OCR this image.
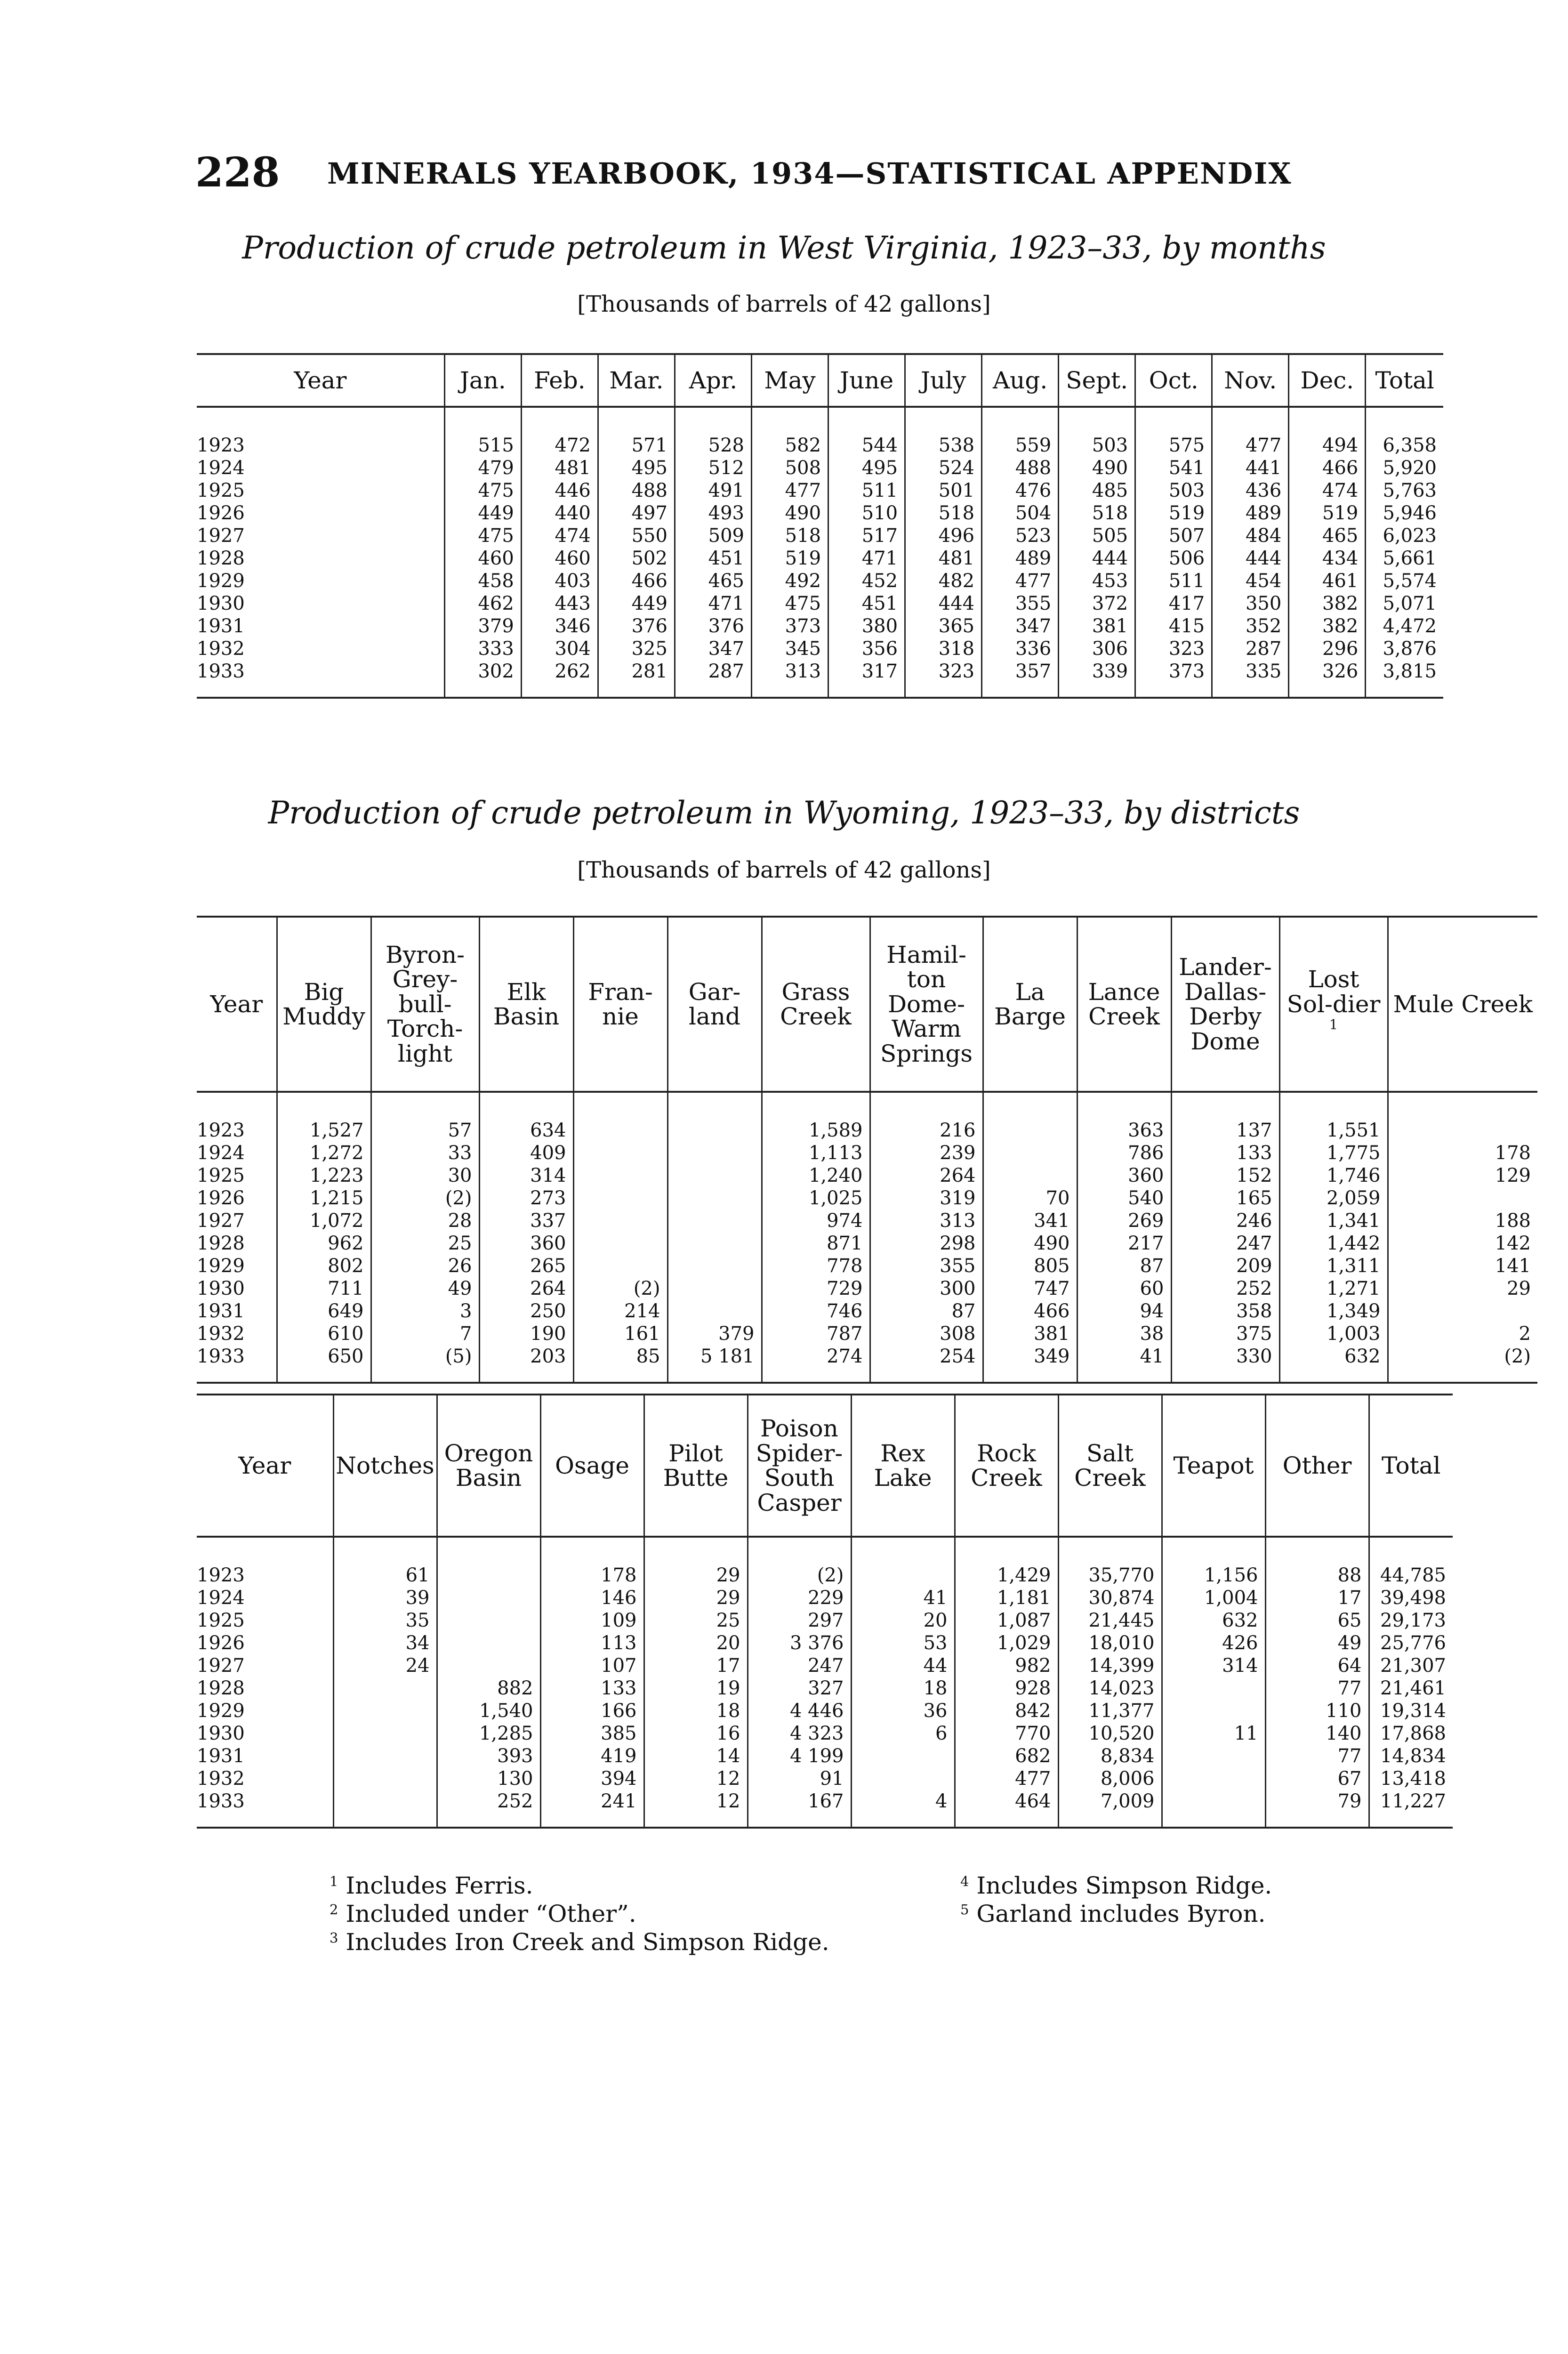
228 MINERALS YEARBOOK, 1934—STATISTICAL APPENDIX
Production of crude petroleum in West Virginia, 1923–33, by months
[Thousands of barrels of 42 gallons]
Year	Jan.	Feb.	Mar.	Apr.	May	June	July	Aug.	Sept.	Oct.	Nov.	Dec.	Total

1923	515	472	571	528	582	544	538	559	503	575	477	494	6,358
1924	479	481	495	512	508	495	524	488	490	541	441	466	5,920
1925	475	446	488	491	477	511	501	476	485	503	436	474	5,763
1926	449	440	497	493	490	510	518	504	518	519	489	519	5,946
1927	475	474	550	509	518	517	496	523	505	507	484	465	6,023
1928	460	460	502	451	519	471	481	489	444	506	444	434	5,661
1929	458	403	466	465	492	452	482	477	453	511	454	461	5,574
1930	462	443	449	471	475	451	444	355	372	417	350	382	5,071
1931	379	346	376	376	373	380	365	347	381	415	352	382	4,472
1932	333	304	325	347	345	356	318	336	306	323	287	296	3,876
1933	302	262	281	287	313	317	323	357	339	373	335	326	3,815
Production of crude petroleum in Wyoming, 1923–33, by districts
[Thousands of barrels of 42 gallons]
Year	Big Muddy	Byron-Grey-bull-Torch-light	Elk Basin	Fran-nie	Gar-land	Grass Creek	Hamil-ton Dome-Warm Springs	La Barge	Lance Creek	Lander-Dallas-Derby Dome	Lost Sol-dier $^1$	Mule Creek

1923	1,527	57	634			1,589	216		363	137	1,551	
1924	1,272	33	409			1,113	239		786	133	1,775	178
1925	1,223	30	314			1,240	264		360	152	1,746	129
1926	1,215	(2)	273			1,025	319	70	540	165	2,059	
1927	1,072	28	337			974	313	341	269	246	1,341	188
1928	962	25	360			871	298	490	217	247	1,442	142
1929	802	26	265			778	355	805	87	209	1,311	141
1930	711	49	264	(2)		729	300	747	60	252	1,271	29
1931	649	3	250	214		746	87	466	94	358	1,349	
1932	610	7	190	161	379	787	308	381	38	375	1,003	2
1933	650	(5)	203	85	5 181	274	254	349	41	330	632	(2)
Year	Notches	Oregon Basin	Osage	Pilot Butte	Poison Spider-South Casper	Rex Lake	Rock Creek	Salt Creek	Teapot	Other	Total

1923	61		178	29	(2)		1,429	35,770	1,156	88	44,785
1924	39		146	29	229	41	1,181	30,874	1,004	17	39,498
1925	35		109	25	297	20	1,087	21,445	632	65	29,173
1926	34		113	20	3 376	53	1,029	18,010	426	49	25,776
1927	24		107	17	247	44	982	14,399	314	64	21,307
1928		882	133	19	327	18	928	14,023		77	21,461
1929		1,540	166	18	4 446	36	842	11,377		110	19,314
1930		1,285	385	16	4 323	6	770	10,520	11	140	17,868
1931		393	419	14	4 199		682	8,834		77	14,834
1932		130	394	12	91		477	8,006		67	13,418
1933		252	241	12	167	4	464	7,009		79	11,227
$^1$ Includes Ferris.
$^2$ Included under “Other”.
$^3$ Includes Iron Creek and Simpson Ridge.
$^4$ Includes Simpson Ridge.
$^5$ Garland includes Byron.
